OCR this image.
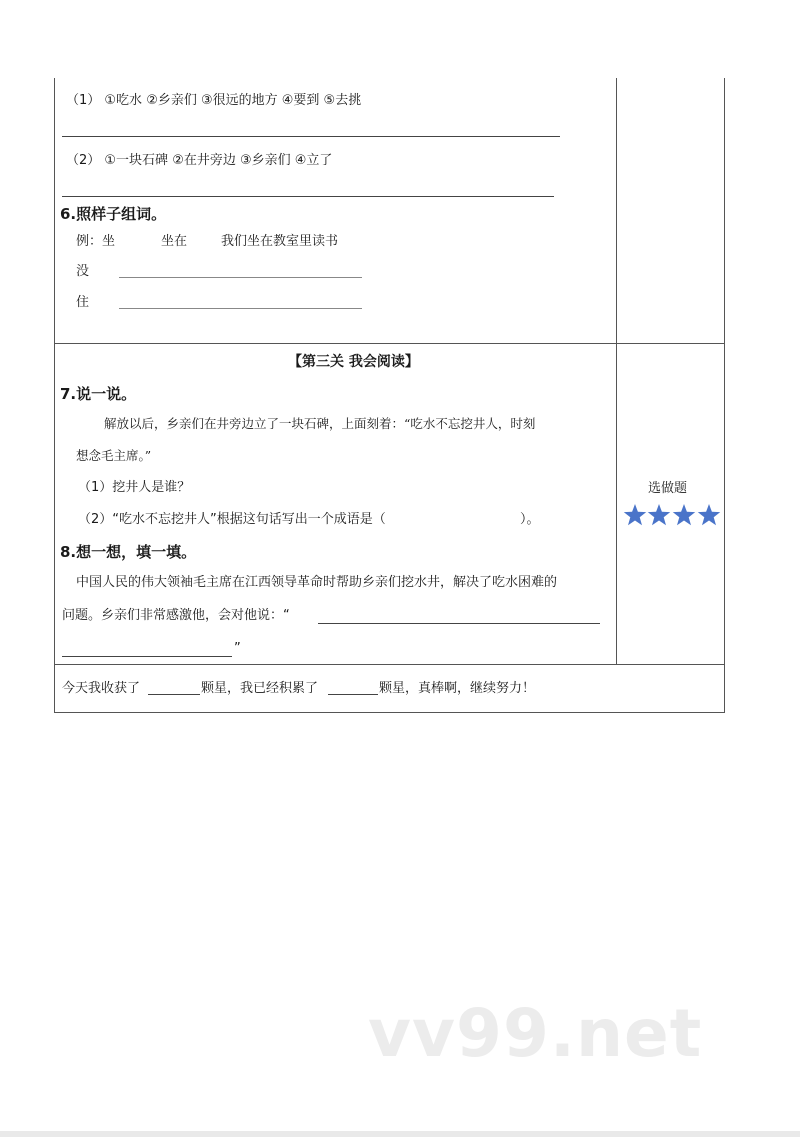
（1） ①吃水 ②乡亲们 ③很远的地方 ④要到 ⑤去挑
（2） ①一块石碑 ②在井旁边 ③乡亲们 ④立了
6.照样子组词。
例：坐	坐在	我们坐在教室里读书
没
住
【第三关 我会阅读】
7.说一说。
解放以后，乡亲们在井旁边立了一块石碑，上面刻着：“吃水不忘挖井人，时刻
想念毛主席。”
（1）挖井人是谁？
（2）“吃水不忘挖井人”根据这句话写出一个成语是（	）。
8.想一想，填一填。
中国人民的伟大领袖毛主席在江西领导革命时帮助乡亲们挖水井，解决了吃水困难的
问题。乡亲们非常感激他，会对他说：“
”
选做题
今天我收获了	颗星，我已经积累了	颗星，真棒啊，继续努力！
vv99.net
